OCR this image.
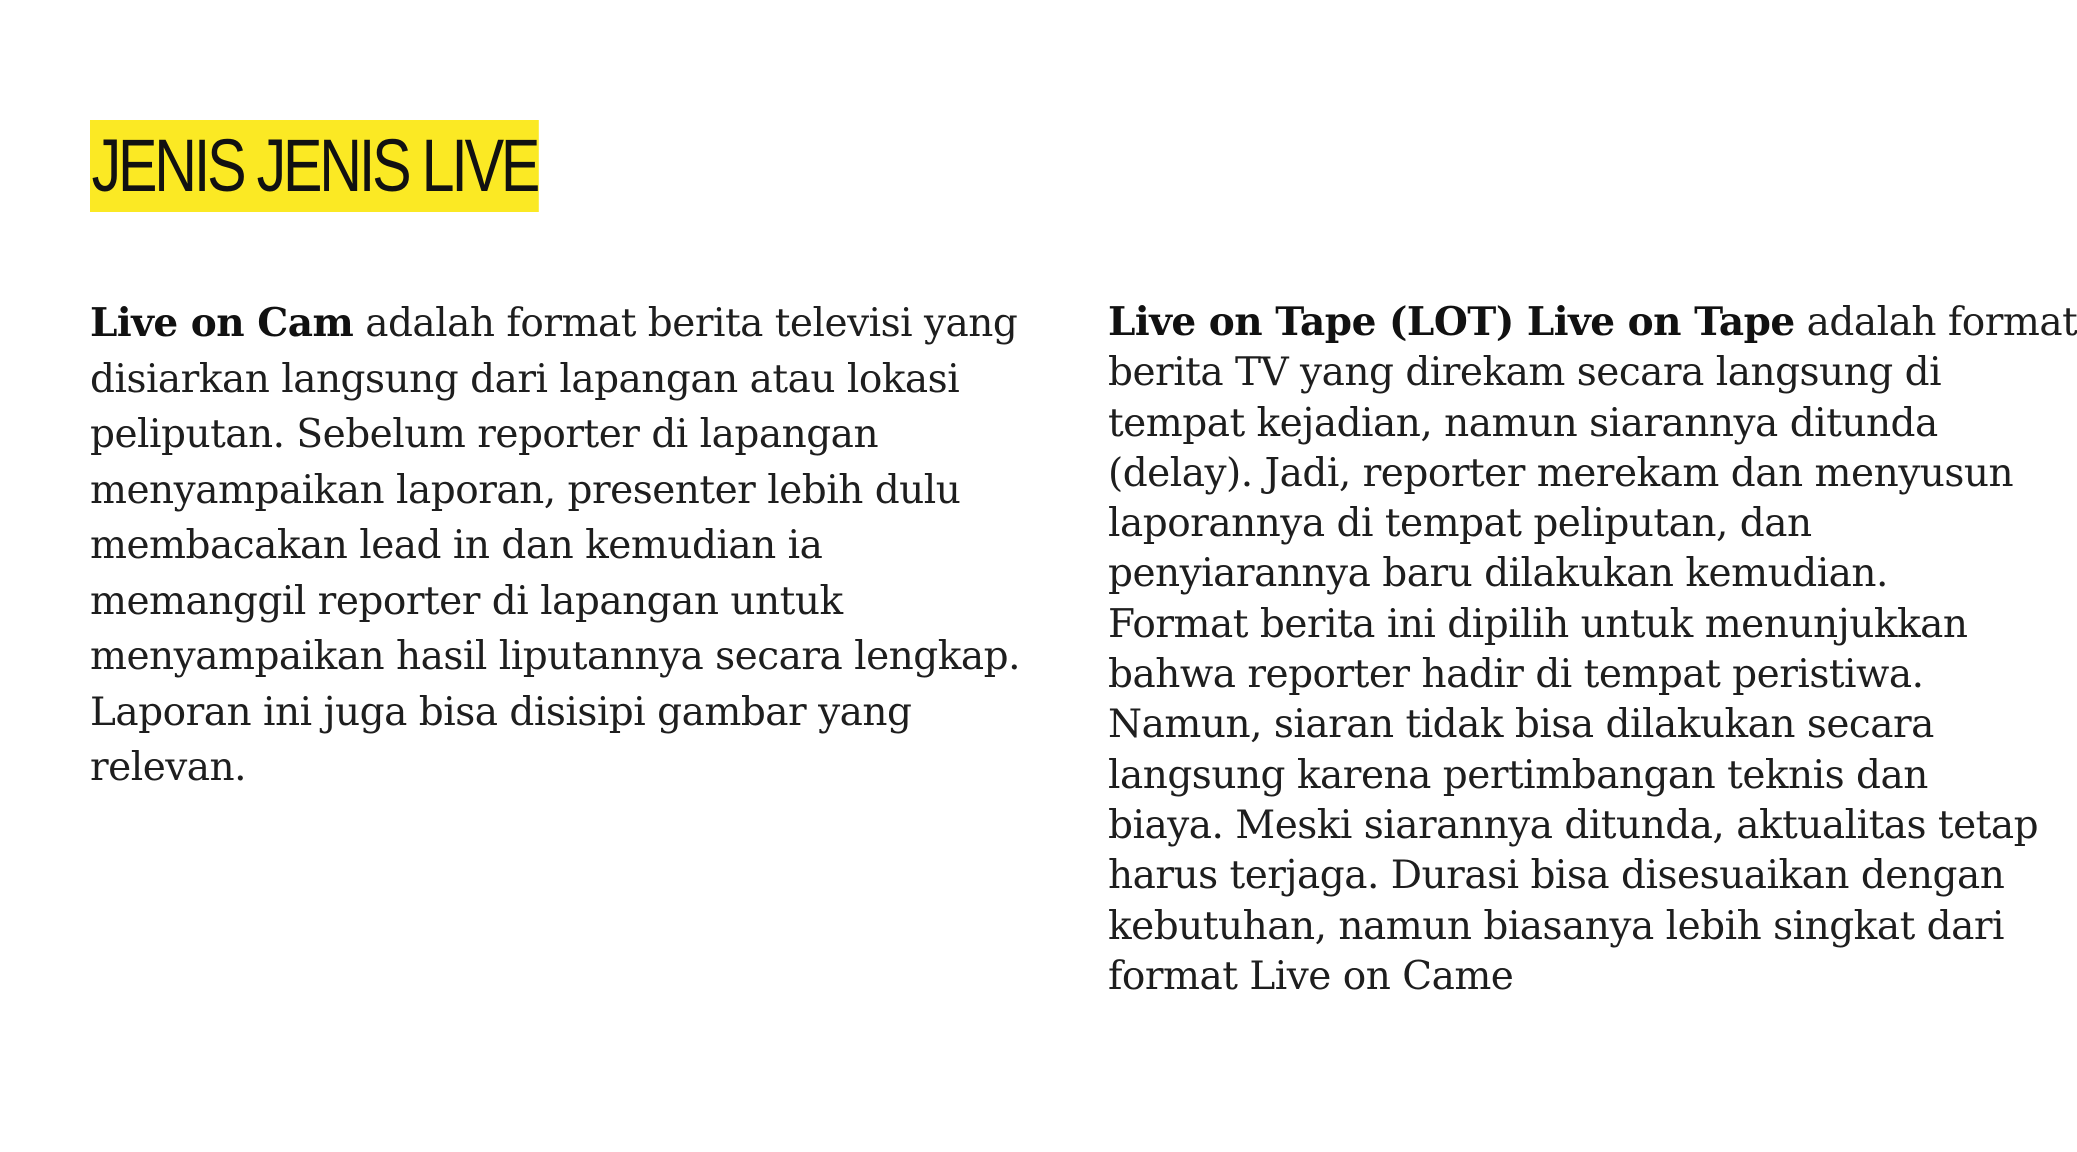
JENIS JENIS LIVE

Live on Cam adalah format berita televisi yang
disiarkan langsung dari lapangan atau lokasi
peliputan. Sebelum reporter di lapangan
menyampaikan laporan, presenter lebih dulu
membacakan lead in dan kemudian ia
memanggil reporter di lapangan untuk
menyampaikan hasil liputannya secara lengkap.
Laporan ini juga bisa disisipi gambar yang
relevan.

Live on Tape (LOT) Live on Tape adalah format
berita TV yang direkam secara langsung di
tempat kejadian, namun siarannya ditunda
(delay). Jadi, reporter merekam dan menyusun
laporannya di tempat peliputan, dan
penyiarannya baru dilakukan kemudian.
Format berita ini dipilih untuk menunjukkan
bahwa reporter hadir di tempat peristiwa.
Namun, siaran tidak bisa dilakukan secara
langsung karena pertimbangan teknis dan
biaya. Meski siarannya ditunda, aktualitas tetap
harus terjaga. Durasi bisa disesuaikan dengan
kebutuhan, namun biasanya lebih singkat dari
format Live on Came
